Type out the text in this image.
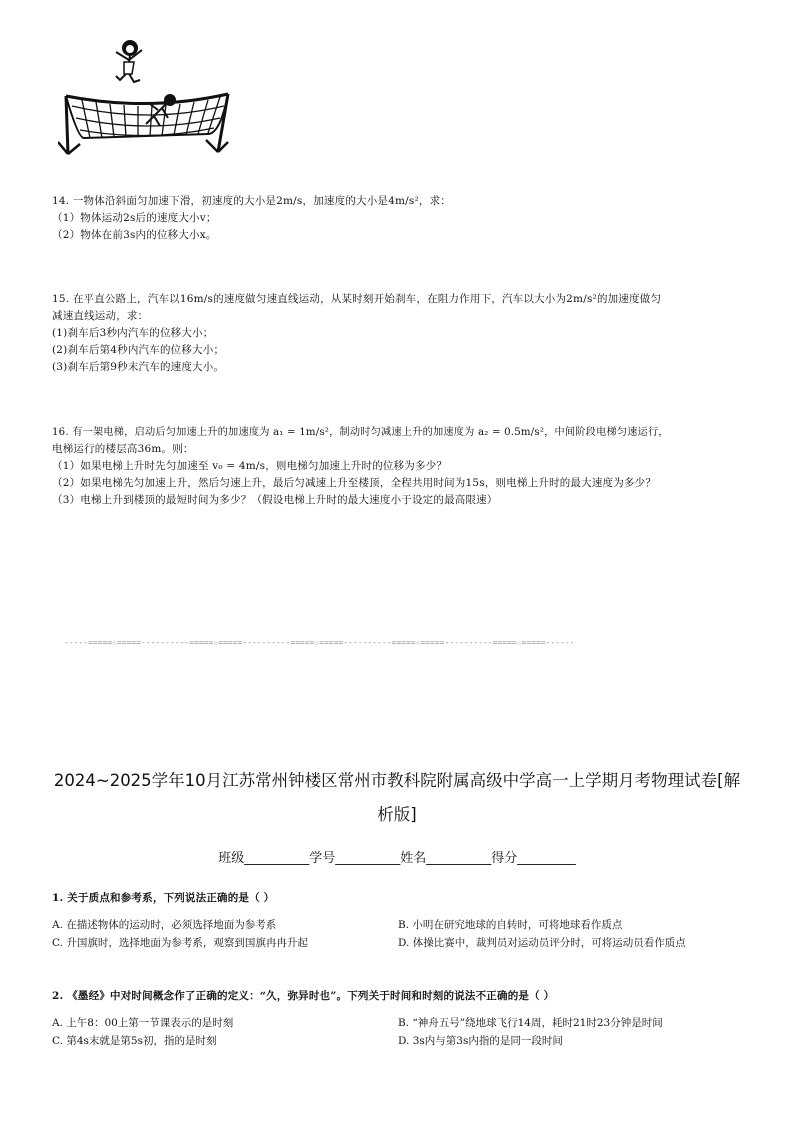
14. 一物体沿斜面匀加速下滑，初速度的大小是2m/s，加速度的大小是4m/s²，求：
（1）物体运动2s后的速度大小v；
（2）物体在前3s内的位移大小x。
15. 在平直公路上，汽车以16m/s的速度做匀速直线运动，从某时刻开始刹车，在阻力作用下，汽车以大小为2m/s²的加速度做匀
减速直线运动，求：
(1)刹车后3秒内汽车的位移大小；
(2)刹车后第4秒内汽车的位移大小；
(3)刹车后第9秒末汽车的速度大小。
16. 有一架电梯，启动后匀加速上升的加速度为 a₁ = 1m/s²，制动时匀减速上升的加速度为 a₂ = 0.5m/s²，中间阶段电梯匀速运行，
电梯运行的楼层高36m。则：
（1）如果电梯上升时先匀加速至 v₀ = 4m/s，则电梯匀加速上升时的位移为多少？
（2）如果电梯先匀加速上升，然后匀速上升，最后匀减速上升至楼顶，全程共用时间为15s，则电梯上升时的最大速度为多少？
（3）电梯上升到楼顶的最短时间为多少？（假设电梯上升时的最大速度小于设定的最高限速）
-----=====☆=====----------=====☆=====----------=====☆=====----------=====☆=====----------=====☆=====------
2024~2025学年10月江苏常州钟楼区常州市教科院附属高级中学高一上学期月考物理试卷[解
析版]
班级__________学号__________姓名__________得分_________
1. 关于质点和参考系，下列说法正确的是（ ）
A. 在描述物体的运动时，必须选择地面为参考系	B. 小明在研究地球的自转时，可将地球看作质点
C. 升国旗时，选择地面为参考系，观察到国旗冉冉升起	D. 体操比赛中，裁判员对运动员评分时，可将运动员看作质点
2. 《墨经》中对时间概念作了正确的定义：“久，弥异时也”。下列关于时间和时刻的说法不正确的是（ ）
A. 上午8：00上第一节课表示的是时刻	B. “神舟五号”绕地球飞行14周，耗时21时23分钟是时间
C. 第4s末就是第5s初，指的是时刻	D. 3s内与第3s内指的是同一段时间
